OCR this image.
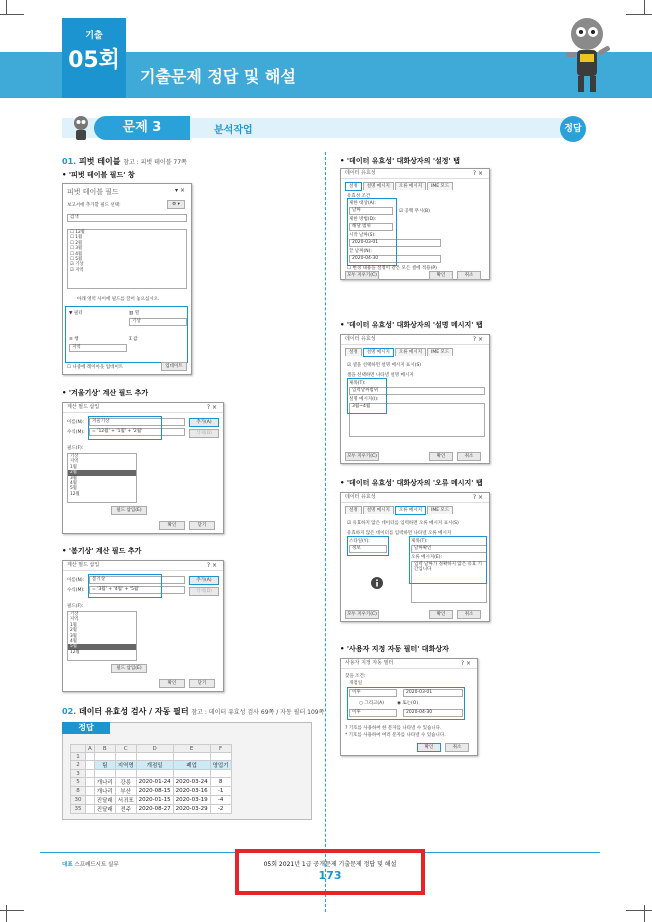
기출
05회
기출문제 정답 및 해설
문제 3	분석작업	정답
01. 피벗 테이블 참고 : 피벗 테이블 77쪽
• '피벗 테이블 필드' 창
피벗 테이블 필드	▾ ×
보고서에 추가할 필드 선택:	⚙ ▾
검색
☐ 12월
☐ 1월
☐ 2월
☐ 3월
☐ 4월
☐ 5월
☑ 기상
☑ 지역
아래 영역 사이에 필드를 끌어 놓으십시오.
▼ 필터	▥ 열
기상
≡ 행	Σ 값
지역
☐ 나중에 레이아웃 업데이트	업데이트
• '겨울기상' 계산 필드 추가
계산 필드 삽입	? ×
이름(N):	겨울기상
수식(M):	= '12월' + '1월' + '2월'
추가(A)
삭제(D)
필드(F):
기상
지역
1월
2월
3월
4월
5월
12월
필드 삽입(E)
확인	닫기
• '봄기상' 계산 필드 추가
계산 필드 삽입	? ×
이름(N):	봄기상
수식(M):	= '3월' + '4월' + '5월'
추가(A)
삭제(D)
필드(F):
기상
지역
1월
2월
3월
4월
5월
12월
필드 삽입(E)
확인	닫기
02. 데이터 유효성 검사 / 자동 필터 참고 : 데이터 유효성 검사 69쪽 / 자동 필터 109쪽
정답
	A	B	C	D	E	F
1						
2		팀	지역명	개점일	폐업	영업기
3						
5		개나리	강릉	2020-01-24	2020-03-24	8
8		개나리	부산	2020-08-15	2020-03-16	-1
30		진달래	서귀포	2020-01-15	2020-03-19	-4
35		진달래	전주	2020-08-27	2020-03-29	-2
• '데이터 유효성' 대화상자의 '설정' 탭
데이터 유효성	? ×
설정	설명 메시지	오류 메시지	IME 모드
유효성 조건
제한 대상(A):
날짜	☑ 공백 무시(B)
제한 방법(D):
해당 범위
시작 날짜(S):
2020-03-01
끝 날짜(N):
2020-04-30
☐ 변경 내용을 설정이 같은 모든 셀에 적용(P)
모두 지우기(C)	확인	취소
• '데이터 유효성' 대화상자의 '설명 메시지' 탭
데이터 유효성	? ×
설정	설명 메시지	오류 메시지	IME 모드
☑ 셀을 선택하면 설명 메시지 표시(S)
셀을 선택하면 나타낼 설명 메시지
제목(T):
입력날짜범위
설명 메시지(I):
3월~4월
모두 지우기(C)	확인	취소
• '데이터 유효성' 대화상자의 '오류 메시지' 탭
데이터 유효성	? ×
설정	설명 메시지	오류 메시지	IME 모드
☑ 유효하지 않은 데이터를 입력하면 오류 메시지 표시(S)
유효하지 않은 데이터를 입력하면 나타낼 오류 메시지
스타일(Y):
정보
제목(T):
날짜확인
오류 메시지(E):
입력 날짜가 정확하지 않은 유효 기간입니다
모두 지우기(C)	확인	취소
• '사용자 지정 자동 필터' 대화상자
사용자 지정 자동 필터	? ×
찾을 조건:
개점일
이후	2020-03-01
○ 그리고(A)	◉ 또는(O)
이후	2020-04-30
? 기호를 사용하여 한 문자를 나타낼 수 있습니다.
* 기호를 사용하여 여러 문자를 나타낼 수 있습니다.
확인	취소
대표 스프레드시트 실무	05회 2021년 1급 공개문제 기출문제 정답 및 해설
173
